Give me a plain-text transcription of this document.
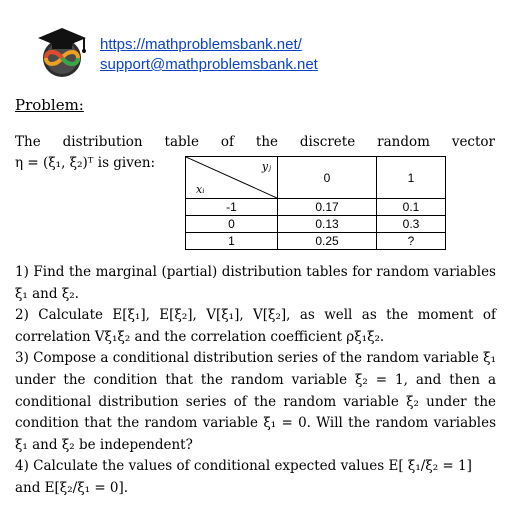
https://mathproblemsbank.net/
support@mathproblemsbank.net
Problem:
The distribution table of the discrete random vector
η = (ξ₁, ξ₂)ᵀ is given:	yⱼ
xᵢ	0	1
-1	0.17	0.1
0	0.13	0.3
1	0.25	?

1) Find the marginal (partial) distribution tables for random variables ξ₁ and ξ₂.

2) Calculate E[ξ₁], E[ξ₂], V[ξ₁], V[ξ₂], as well as the moment of correlation Vξ₁ξ₂ and the correlation coefficient ρξ₁ξ₂.

3) Compose a conditional distribution series of the random variable ξ₁ under the condition that the random variable ξ₂ = 1, and then a conditional distribution series of the random variable ξ₂ under the condition that the random variable ξ₁ = 0. Will the random variables ξ₁ and ξ₂ be independent?

4) Calculate the values of conditional expected values E[ ξ₁/ξ₂ = 1] and E[ξ₂/ξ₁ = 0].
